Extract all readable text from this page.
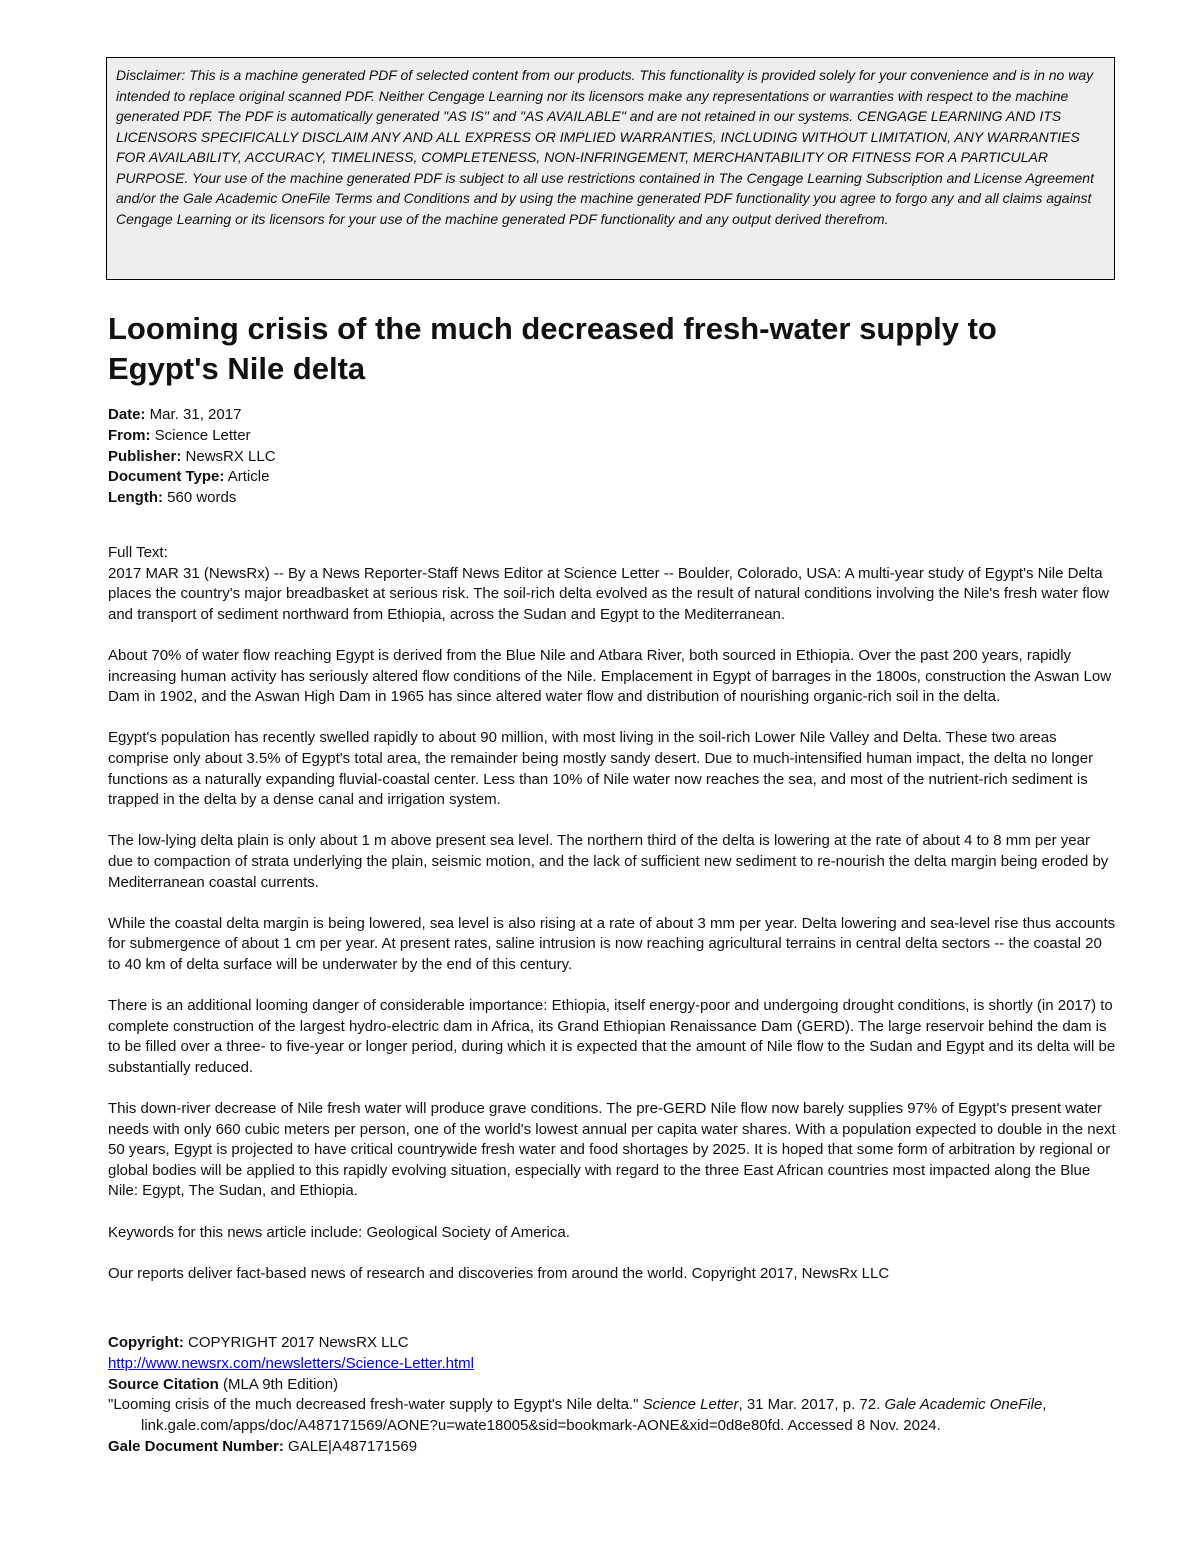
Disclaimer: This is a machine generated PDF of selected content from our products. This functionality is provided solely for your convenience and is in no way intended to replace original scanned PDF. Neither Cengage Learning nor its licensors make any representations or warranties with respect to the machine generated PDF. The PDF is automatically generated "AS IS" and "AS AVAILABLE" and are not retained in our systems. CENGAGE LEARNING AND ITS LICENSORS SPECIFICALLY DISCLAIM ANY AND ALL EXPRESS OR IMPLIED WARRANTIES, INCLUDING WITHOUT LIMITATION, ANY WARRANTIES FOR AVAILABILITY, ACCURACY, TIMELINESS, COMPLETENESS, NON-INFRINGEMENT, MERCHANTABILITY OR FITNESS FOR A PARTICULAR PURPOSE. Your use of the machine generated PDF is subject to all use restrictions contained in The Cengage Learning Subscription and License Agreement and/or the Gale Academic OneFile Terms and Conditions and by using the machine generated PDF functionality you agree to forgo any and all claims against Cengage Learning or its licensors for your use of the machine generated PDF functionality and any output derived therefrom.
Looming crisis of the much decreased fresh-water supply to Egypt's Nile delta
Date: Mar. 31, 2017
From: Science Letter
Publisher: NewsRX LLC
Document Type: Article
Length: 560 words

Full Text:

2017 MAR 31 (NewsRx) -- By a News Reporter-Staff News Editor at Science Letter -- Boulder, Colorado, USA: A multi-year study of Egypt's Nile Delta places the country's major breadbasket at serious risk. The soil-rich delta evolved as the result of natural conditions involving the Nile's fresh water flow and transport of sediment northward from Ethiopia, across the Sudan and Egypt to the Mediterranean.

About 70% of water flow reaching Egypt is derived from the Blue Nile and Atbara River, both sourced in Ethiopia. Over the past 200 years, rapidly increasing human activity has seriously altered flow conditions of the Nile. Emplacement in Egypt of barrages in the 1800s, construction the Aswan Low Dam in 1902, and the Aswan High Dam in 1965 has since altered water flow and distribution of nourishing organic-rich soil in the delta.

Egypt's population has recently swelled rapidly to about 90 million, with most living in the soil-rich Lower Nile Valley and Delta. These two areas comprise only about 3.5% of Egypt's total area, the remainder being mostly sandy desert. Due to much-intensified human impact, the delta no longer functions as a naturally expanding fluvial-coastal center. Less than 10% of Nile water now reaches the sea, and most of the nutrient-rich sediment is trapped in the delta by a dense canal and irrigation system.

The low-lying delta plain is only about 1 m above present sea level. The northern third of the delta is lowering at the rate of about 4 to 8 mm per year due to compaction of strata underlying the plain, seismic motion, and the lack of sufficient new sediment to re-nourish the delta margin being eroded by Mediterranean coastal currents.

While the coastal delta margin is being lowered, sea level is also rising at a rate of about 3 mm per year. Delta lowering and sea-level rise thus accounts for submergence of about 1 cm per year. At present rates, saline intrusion is now reaching agricultural terrains in central delta sectors -- the coastal 20 to 40 km of delta surface will be underwater by the end of this century.

There is an additional looming danger of considerable importance: Ethiopia, itself energy-poor and undergoing drought conditions, is shortly (in 2017) to complete construction of the largest hydro-electric dam in Africa, its Grand Ethiopian Renaissance Dam (GERD). The large reservoir behind the dam is to be filled over a three- to five-year or longer period, during which it is expected that the amount of Nile flow to the Sudan and Egypt and its delta will be substantially reduced.

This down-river decrease of Nile fresh water will produce grave conditions. The pre-GERD Nile flow now barely supplies 97% of Egypt's present water needs with only 660 cubic meters per person, one of the world's lowest annual per capita water shares. With a population expected to double in the next 50 years, Egypt is projected to have critical countrywide fresh water and food shortages by 2025. It is hoped that some form of arbitration by regional or global bodies will be applied to this rapidly evolving situation, especially with regard to the three East African countries most impacted along the Blue Nile: Egypt, The Sudan, and Ethiopia.

Keywords for this news article include: Geological Society of America.

Our reports deliver fact-based news of research and discoveries from around the world. Copyright 2017, NewsRx LLC

Copyright: COPYRIGHT 2017 NewsRX LLC
http://www.newsrx.com/newsletters/Science-Letter.html
Source Citation (MLA 9th Edition)
"Looming crisis of the much decreased fresh-water supply to Egypt's Nile delta." Science Letter, 31 Mar. 2017, p. 72. Gale Academic OneFile, link.gale.com/apps/doc/A487171569/AONE?u=wate18005&sid=bookmark-AONE&xid=0d8e80fd. Accessed 8 Nov. 2024.
Gale Document Number: GALE|A487171569
